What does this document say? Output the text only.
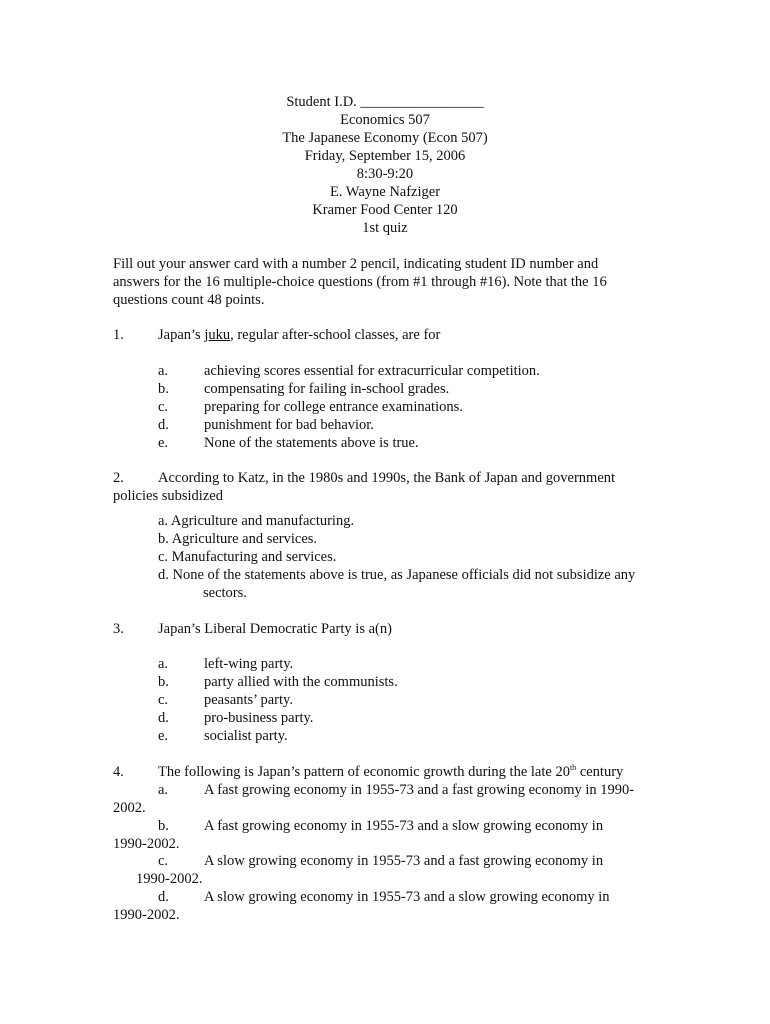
Student I.D. _________________
Economics 507
The Japanese Economy (Econ 507)
Friday, September 15, 2006
8:30-9:20
E. Wayne Nafziger
Kramer Food Center 120
1st quiz
Fill out your answer card with a number 2 pencil, indicating student ID number and
answers for the 16 multiple-choice questions (from #1 through #16). Note that the 16
questions count 48 points.
1. Japan’s juku, regular after-school classes, are for
a. achieving scores essential for extracurricular competition.
b. compensating for failing in-school grades.
c. preparing for college entrance examinations.
d. punishment for bad behavior.
e. None of the statements above is true.
2. According to Katz, in the 1980s and 1990s, the Bank of Japan and government
policies subsidized
a. Agriculture and manufacturing.
b. Agriculture and services.
c. Manufacturing and services.
d. None of the statements above is true, as Japanese officials did not subsidize any
sectors.
3. Japan’s Liberal Democratic Party is a(n)
a. left-wing party.
b. party allied with the communists.
c. peasants’ party.
d. pro-business party.
e. socialist party.
4. The following is Japan’s pattern of economic growth during the late 20th century
a. A fast growing economy in 1955-73 and a fast growing economy in 1990-
2002.
b. A fast growing economy in 1955-73 and a slow growing economy in
1990-2002.
c. A slow growing economy in 1955-73 and a fast growing economy in
1990-2002.
d. A slow growing economy in 1955-73 and a slow growing economy in
1990-2002.
